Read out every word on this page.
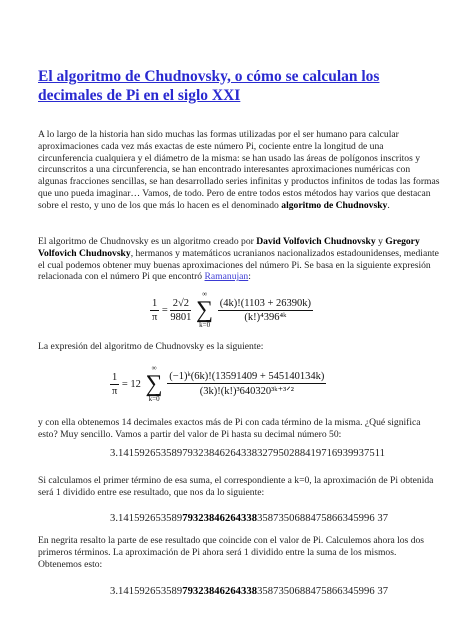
El algoritmo de Chudnovsky, o cómo se calculan los decimales de Pi en el siglo XXI
A lo largo de la historia han sido muchas las formas utilizadas por el ser humano para calcular aproximaciones cada vez más exactas de este número Pi, cociente entre la longitud de una circunferencia cualquiera y el diámetro de la misma: se han usado las áreas de polígonos inscritos y circunscritos a una circunferencia, se han encontrado interesantes aproximaciones numéricas con algunas fracciones sencillas, se han desarrollado series infinitas y productos infinitos de todas las formas que uno pueda imaginar… Vamos, de todo. Pero de entre todos estos métodos hay varios que destacan sobre el resto, y uno de los que más lo hacen es el denominado algoritmo de Chudnovsky.
El algoritmo de Chudnovsky es un algoritmo creado por David Volfovich Chudnovsky y Gregory Volfovich Chudnovsky, hermanos y matemáticos ucranianos nacionalizados estadounidenses, mediante el cual podemos obtener muy buenas aproximaciones del número Pi. Se basa en la siguiente expresión relacionada con el número Pi que encontró Ramanujan:
$\frac{1}{\pi} = \frac{2√2}{9801}$

∞
∑
k=0

$\frac{(4k)!(1103 + 26390k)}{\text{(k!)⁴396⁴ᵏ}}$
La expresión del algoritmo de Chudnovsky es la siguiente:
$\frac{1}{\pi} = 12$
∞
∑
k=0

$\frac{\text{(−1)ᵏ(6k)!(13591409 + 545140134k)}}{\text{(3k)!(k!)³640320³ᵏ⁺³ᐟ²}}$
y con ella obtenemos 14 decimales exactos más de Pi con cada término de la misma. ¿Qué significa esto? Muy sencillo. Vamos a partir del valor de Pi hasta su decimal número 50:
3.14159265358979323846264338327950288419716939937511
Si calculamos el primer término de esa suma, el correspondiente a k=0, la aproximación de Pi obtenida será 1 dividido entre ese resultado, que nos da lo siguiente:
3.141592653589793238462643383587350688475866345996 37
En negrita resalto la parte de ese resultado que coincide con el valor de Pi. Calculemos ahora los dos primeros términos. La aproximación de Pi ahora será 1 dividido entre la suma de los mismos. Obtenemos esto:
3.141592653589793238462643383587350688475866345996 37
